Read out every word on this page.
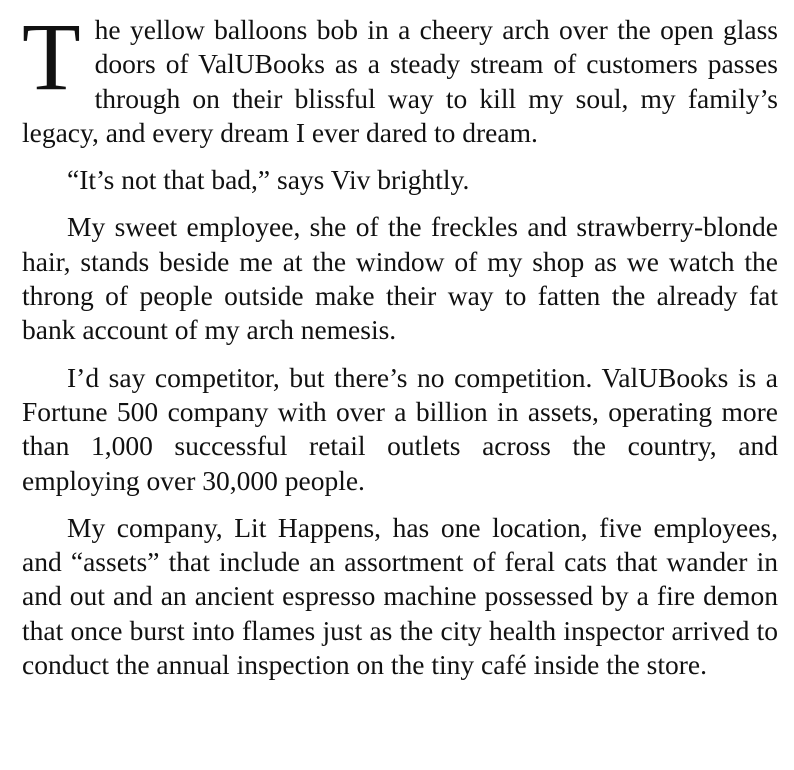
The yellow balloons bob in a cheery arch over the open glass doors of ValUBooks as a steady stream of customers passes through on their blissful way to kill my soul, my family’s legacy, and every dream I ever dared to dream.

“It’s not that bad,” says Viv brightly.

My sweet employee, she of the freckles and strawberry-blonde hair, stands beside me at the window of my shop as we watch the throng of people outside make their way to fatten the already fat bank account of my arch nemesis.

I’d say competitor, but there’s no competition. ValUBooks is a Fortune 500 company with over a billion in assets, operating more than 1,000 successful retail outlets across the country, and employing over 30,000 people.

My company, Lit Happens, has one location, five employees, and “assets” that include an assortment of feral cats that wander in and out and an ancient espresso machine possessed by a fire demon that once burst into flames just as the city health inspector arrived to conduct the annual inspection on the tiny café inside the store.
